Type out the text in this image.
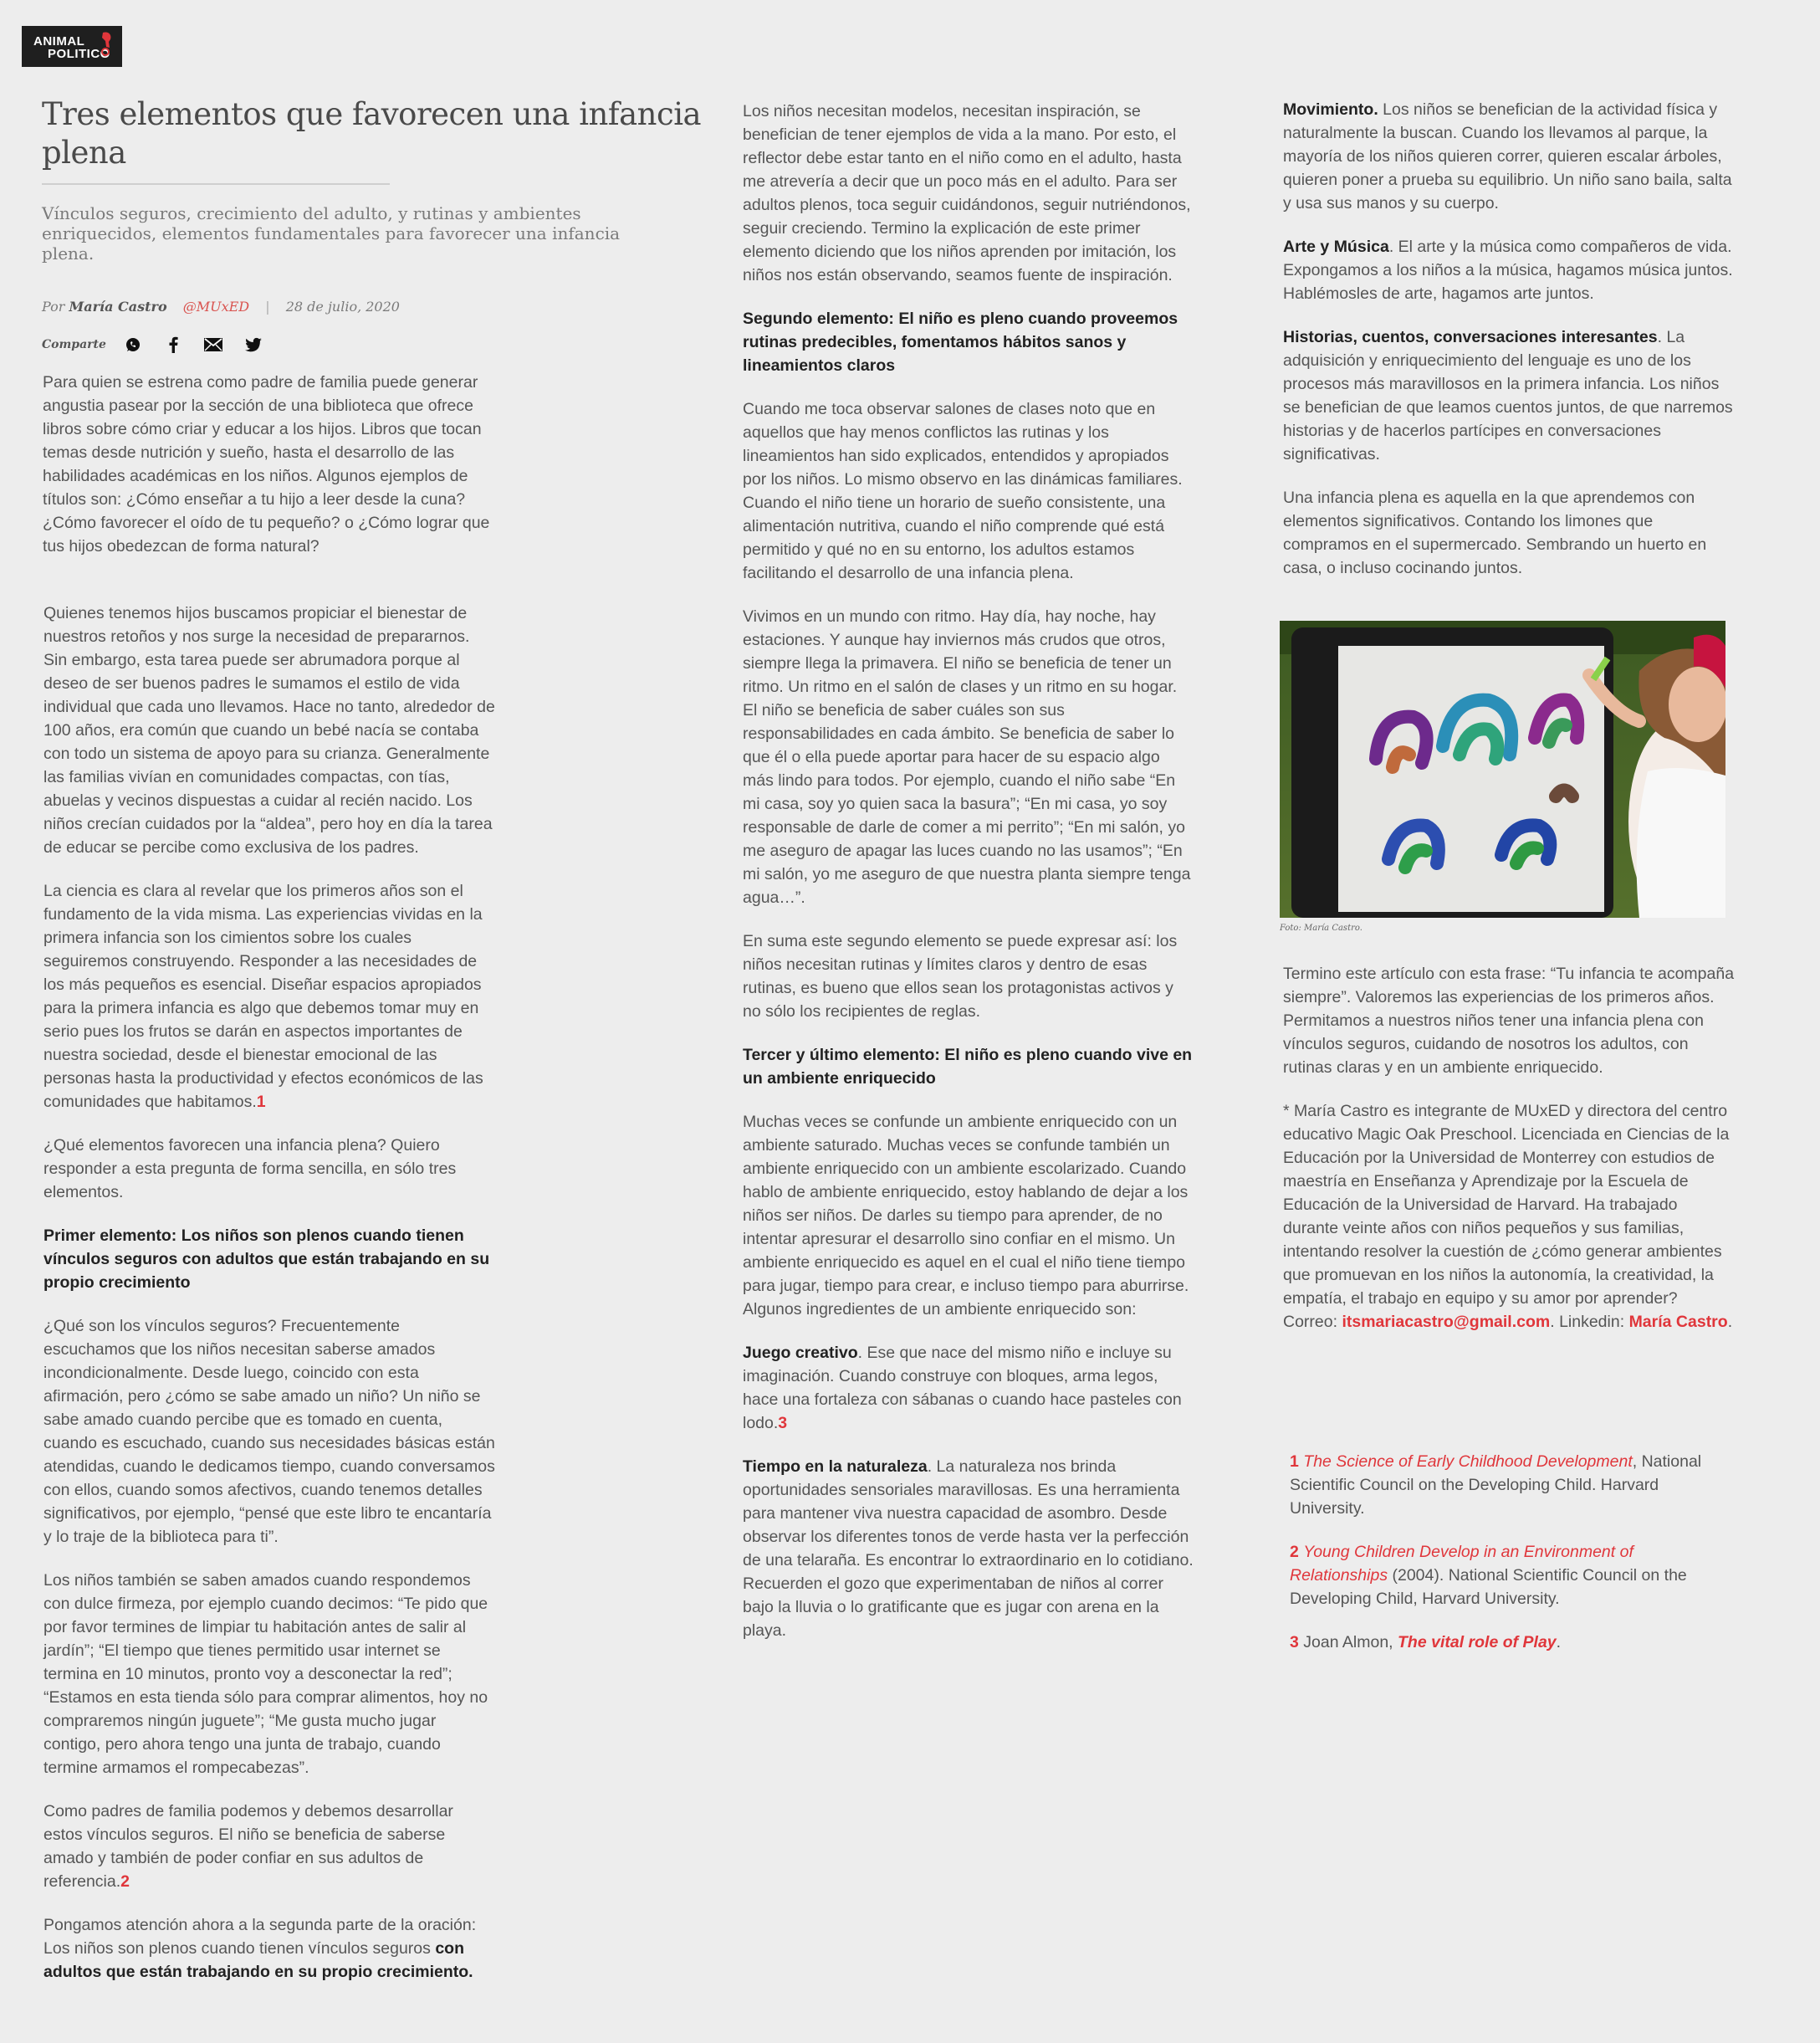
ANIMAL
POLITICO
Tres elementos que favorecen una infancia plena

Vínculos seguros, crecimiento del adulto, y rutinas y ambientes enriquecidos, elementos fundamentales para favorecer una infancia plena.

Por María Castro @MUxED | 28 de julio, 2020
Comparte

Para quien se estrena como padre de familia puede generar angustia pasear por la sección de una biblioteca que ofrece libros sobre cómo criar y educar a los hijos. Libros que tocan temas desde nutrición y sueño, hasta el desarrollo de las habilidades académicas en los niños. Algunos ejemplos de títulos son: ¿Cómo enseñar a tu hijo a leer desde la cuna? ¿Cómo favorecer el oído de tu pequeño? o ¿Cómo lograr que tus hijos obedezcan de forma natural?

Quienes tenemos hijos buscamos propiciar el bienestar de nuestros retoños y nos surge la necesidad de prepararnos. Sin embargo, esta tarea puede ser abrumadora porque al deseo de ser buenos padres le sumamos el estilo de vida individual que cada uno llevamos. Hace no tanto, alrededor de 100 años, era común que cuando un bebé nacía se contaba con todo un sistema de apoyo para su crianza. Generalmente las familias vivían en comunidades compactas, con tías, abuelas y vecinos dispuestas a cuidar al recién nacido. Los niños crecían cuidados por la “aldea”, pero hoy en día la tarea de educar se percibe como exclusiva de los padres.

La ciencia es clara al revelar que los primeros años son el fundamento de la vida misma. Las experiencias vividas en la primera infancia son los cimientos sobre los cuales seguiremos construyendo. Responder a las necesidades de los más pequeños es esencial. Diseñar espacios apropiados para la primera infancia es algo que debemos tomar muy en serio pues los frutos se darán en aspectos importantes de nuestra sociedad, desde el bienestar emocional de las personas hasta la productividad y efectos económicos de las comunidades que habitamos.1

¿Qué elementos favorecen una infancia plena? Quiero responder a esta pregunta de forma sencilla, en sólo tres elementos.

Primer elemento: Los niños son plenos cuando tienen vínculos seguros con adultos que están trabajando en su propio crecimiento

¿Qué son los vínculos seguros? Frecuentemente escuchamos que los niños necesitan saberse amados incondicionalmente. Desde luego, coincido con esta afirmación, pero ¿cómo se sabe amado un niño? Un niño se sabe amado cuando percibe que es tomado en cuenta, cuando es escuchado, cuando sus necesidades básicas están atendidas, cuando le dedicamos tiempo, cuando conversamos con ellos, cuando somos afectivos, cuando tenemos detalles significativos, por ejemplo, “pensé que este libro te encantaría y lo traje de la biblioteca para ti”.

Los niños también se saben amados cuando respondemos con dulce firmeza, por ejemplo cuando decimos: “Te pido que por favor termines de limpiar tu habitación antes de salir al jardín”; “El tiempo que tienes permitido usar internet se termina en 10 minutos, pronto voy a desconectar la red”; “Estamos en esta tienda sólo para comprar alimentos, hoy no compraremos ningún juguete”; “Me gusta mucho jugar contigo, pero ahora tengo una junta de trabajo, cuando termine armamos el rompecabezas”.

Como padres de familia podemos y debemos desarrollar estos vínculos seguros. El niño se beneficia de saberse amado y también de poder confiar en sus adultos de referencia.2

Pongamos atención ahora a la segunda parte de la oración: Los niños son plenos cuando tienen vínculos seguros con adultos que están trabajando en su propio crecimiento.

Los niños necesitan modelos, necesitan inspiración, se benefician de tener ejemplos de vida a la mano. Por esto, el reflector debe estar tanto en el niño como en el adulto, hasta me atrevería a decir que un poco más en el adulto. Para ser adultos plenos, toca seguir cuidándonos, seguir nutriéndonos, seguir creciendo. Termino la explicación de este primer elemento diciendo que los niños aprenden por imitación, los niños nos están observando, seamos fuente de inspiración.

Segundo elemento: El niño es pleno cuando proveemos rutinas predecibles, fomentamos hábitos sanos y lineamientos claros

Cuando me toca observar salones de clases noto que en aquellos que hay menos conflictos las rutinas y los lineamientos han sido explicados, entendidos y apropiados por los niños. Lo mismo observo en las dinámicas familiares. Cuando el niño tiene un horario de sueño consistente, una alimentación nutritiva, cuando el niño comprende qué está permitido y qué no en su entorno, los adultos estamos facilitando el desarrollo de una infancia plena.

Vivimos en un mundo con ritmo. Hay día, hay noche, hay estaciones. Y aunque hay inviernos más crudos que otros, siempre llega la primavera. El niño se beneficia de tener un ritmo. Un ritmo en el salón de clases y un ritmo en su hogar. El niño se beneficia de saber cuáles son sus responsabilidades en cada ámbito. Se beneficia de saber lo que él o ella puede aportar para hacer de su espacio algo más lindo para todos. Por ejemplo, cuando el niño sabe “En mi casa, soy yo quien saca la basura”; “En mi casa, yo soy responsable de darle de comer a mi perrito”; “En mi salón, yo me aseguro de apagar las luces cuando no las usamos”; “En mi salón, yo me aseguro de que nuestra planta siempre tenga agua…”.

En suma este segundo elemento se puede expresar así: los niños necesitan rutinas y límites claros y dentro de esas rutinas, es bueno que ellos sean los protagonistas activos y no sólo los recipientes de reglas.

Tercer y último elemento: El niño es pleno cuando vive en un ambiente enriquecido

Muchas veces se confunde un ambiente enriquecido con un ambiente saturado. Muchas veces se confunde también un ambiente enriquecido con un ambiente escolarizado. Cuando hablo de ambiente enriquecido, estoy hablando de dejar a los niños ser niños. De darles su tiempo para aprender, de no intentar apresurar el desarrollo sino confiar en el mismo. Un ambiente enriquecido es aquel en el cual el niño tiene tiempo para jugar, tiempo para crear, e incluso tiempo para aburrirse. Algunos ingredientes de un ambiente enriquecido son:

Juego creativo. Ese que nace del mismo niño e incluye su imaginación. Cuando construye con bloques, arma legos, hace una fortaleza con sábanas o cuando hace pasteles con lodo.3

Tiempo en la naturaleza. La naturaleza nos brinda oportunidades sensoriales maravillosas. Es una herramienta para mantener viva nuestra capacidad de asombro. Desde observar los diferentes tonos de verde hasta ver la perfección de una telaraña. Es encontrar lo extraordinario en lo cotidiano. Recuerden el gozo que experimentaban de niños al correr bajo la lluvia o lo gratificante que es jugar con arena en la playa.

Movimiento. Los niños se benefician de la actividad física y naturalmente la buscan. Cuando los llevamos al parque, la mayoría de los niños quieren correr, quieren escalar árboles, quieren poner a prueba su equilibrio. Un niño sano baila, salta y usa sus manos y su cuerpo.

Arte y Música. El arte y la música como compañeros de vida. Expongamos a los niños a la música, hagamos música juntos. Hablémosles de arte, hagamos arte juntos.

Historias, cuentos, conversaciones interesantes. La adquisición y enriquecimiento del lenguaje es uno de los procesos más maravillosos en la primera infancia. Los niños se benefician de que leamos cuentos juntos, de que narremos historias y de hacerlos partícipes en conversaciones significativas.

Una infancia plena es aquella en la que aprendemos con elementos significativos. Contando los limones que compramos en el supermercado. Sembrando un huerto en casa, o incluso cocinando juntos.

Foto: María Castro.

Termino este artículo con esta frase: “Tu infancia te acompaña siempre”. Valoremos las experiencias de los primeros años. Permitamos a nuestros niños tener una infancia plena con vínculos seguros, cuidando de nosotros los adultos, con rutinas claras y en un ambiente enriquecido.

* María Castro es integrante de MUxED y directora del centro educativo Magic Oak Preschool. Licenciada en Ciencias de la Educación por la Universidad de Monterrey con estudios de maestría en Enseñanza y Aprendizaje por la Escuela de Educación de la Universidad de Harvard. Ha trabajado durante veinte años con niños pequeños y sus familias, intentando resolver la cuestión de ¿cómo generar ambientes que promuevan en los niños la autonomía, la creatividad, la empatía, el trabajo en equipo y su amor por aprender? Correo: itsmariacastro@gmail.com. Linkedin: María Castro.

1 The Science of Early Childhood Development, National Scientific Council on the Developing Child. Harvard University.

2 Young Children Develop in an Environment of Relationships (2004). National Scientific Council on the Developing Child, Harvard University.

3 Joan Almon, The vital role of Play.
